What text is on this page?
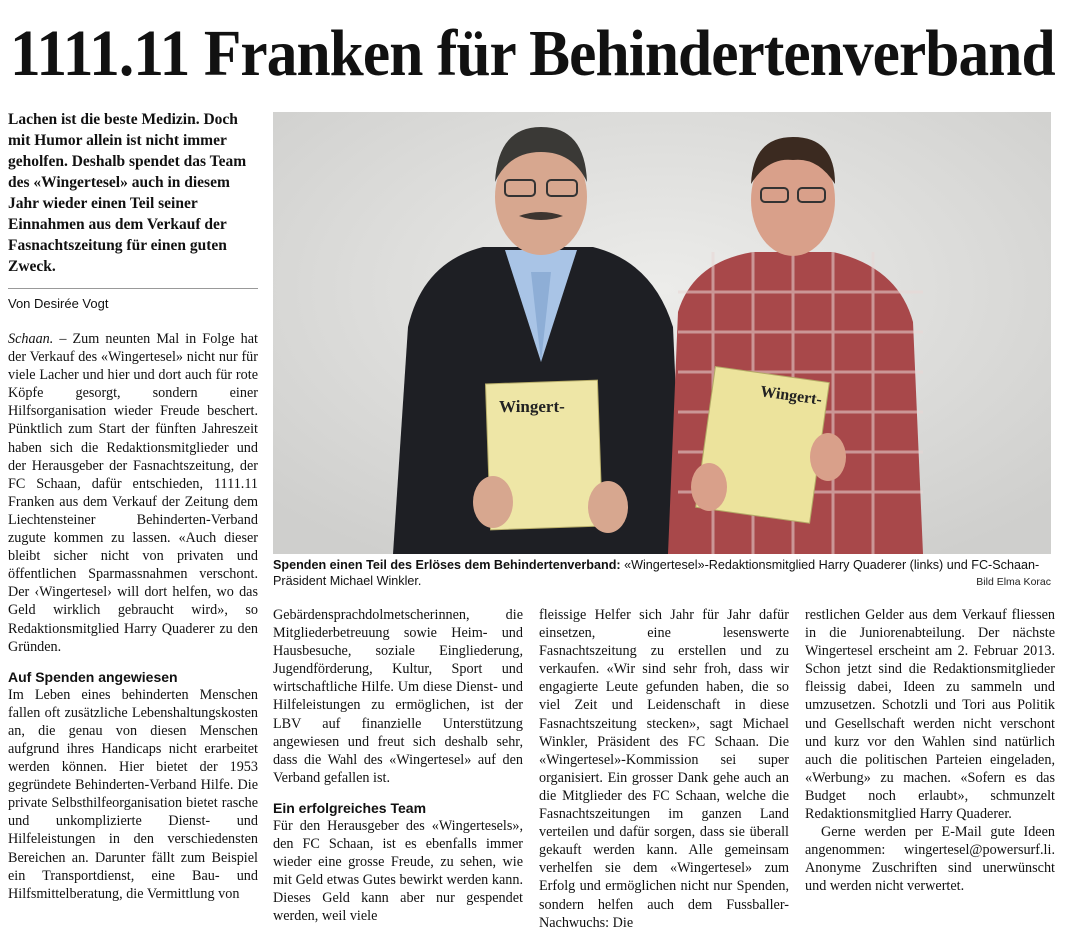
1111.11 Franken für Behindertenverband

Lachen ist die beste Medizin. Doch mit Humor allein ist nicht immer geholfen. Deshalb spendet das Team des «Wingertesel» auch in diesem Jahr wieder einen Teil seiner Einnahmen aus dem Verkauf der Fasnachtszeitung für einen guten Zweck.

Von Desirée Vogt

Schaan. – Zum neunten Mal in Folge hat der Verkauf des «Wingertesel» nicht nur für viele Lacher und hier und dort auch für rote Köpfe gesorgt, sondern einer Hilfsorganisation wieder Freude beschert. Pünktlich zum Start der fünften Jahreszeit haben sich die Redaktionsmitglieder und der Herausgeber der Fasnachtszeitung, der FC Schaan, dafür entschieden, 1111.11 Franken aus dem Verkauf der Zeitung dem Liechtensteiner Behinderten-Verband zugute kommen zu lassen. «Auch dieser bleibt sicher nicht von privaten und öffentlichen Sparmassnahmen verschont. Der ‹Wingertesel› will dort helfen, wo das Geld wirklich gebraucht wird», so Redaktionsmitglied Harry Quaderer zu den Gründen.

Auf Spenden angewiesen

Im Leben eines behinderten Menschen fallen oft zusätzliche Lebenshaltungskosten an, die genau von diesen Menschen aufgrund ihres Handicaps nicht erarbeitet werden können. Hier bietet der 1953 gegründete Behinderten-Verband Hilfe. Die private Selbsthilfeorganisation bietet rasche und unkomplizierte Dienst- und Hilfeleistungen in den verschiedensten Bereichen an. Darunter fällt zum Beispiel ein Transportdienst, eine Bau- und Hilfsmittelberatung, die Vermittlung von

Wingert-	Wingert-
Spenden einen Teil des Erlöses dem Behindertenverband: «Wingertesel»-Redaktionsmitglied Harry Quaderer (links) und FC-Schaan-Präsident Michael Winkler.	Bild Elma Korac

Gebärdensprachdolmetscherinnen, die Mitgliederbetreuung sowie Heim- und Hausbesuche, soziale Eingliederung, Jugendförderung, Kultur, Sport und wirtschaftliche Hilfe. Um diese Dienst- und Hilfeleistungen zu ermöglichen, ist der LBV auf finanzielle Unterstützung angewiesen und freut sich deshalb sehr, dass die Wahl des «Wingertesel» auf den Verband gefallen ist.

Ein erfolgreiches Team

Für den Herausgeber des «Wingertesels», den FC Schaan, ist es ebenfalls immer wieder eine grosse Freude, zu sehen, wie mit Geld etwas Gutes bewirkt werden kann. Dieses Geld kann aber nur gespendet werden, weil viele

fleissige Helfer sich Jahr für Jahr dafür einsetzen, eine lesenswerte Fasnachtszeitung zu erstellen und zu verkaufen. «Wir sind sehr froh, dass wir engagierte Leute gefunden haben, die so viel Zeit und Leidenschaft in diese Fasnachtszeitung stecken», sagt Michael Winkler, Präsident des FC Schaan. Die «Wingertesel»-Kommission sei super organisiert. Ein grosser Dank gehe auch an die Mitglieder des FC Schaan, welche die Fasnachtszeitungen im ganzen Land verteilen und dafür sorgen, dass sie überall gekauft werden kann. Alle gemeinsam verhelfen sie dem «Wingertesel» zum Erfolg und ermöglichen nicht nur Spenden, sondern helfen auch dem Fussballer-Nachwuchs: Die

restlichen Gelder aus dem Verkauf fliessen in die Juniorenabteilung. Der nächste Wingertesel erscheint am 2. Februar 2013. Schon jetzt sind die Redaktionsmitglieder fleissig dabei, Ideen zu sammeln und umzusetzen. Schotzli und Tori aus Politik und Gesellschaft werden nicht verschont und kurz vor den Wahlen sind natürlich auch die politischen Parteien eingeladen, «Werbung» zu machen. «Sofern es das Budget noch erlaubt», schmunzelt Redaktionsmitglied Harry Quaderer.

Gerne werden per E-Mail gute Ideen angenommen: wingertesel@powersurf.li. Anonyme Zuschriften sind unerwünscht und werden nicht verwertet.
